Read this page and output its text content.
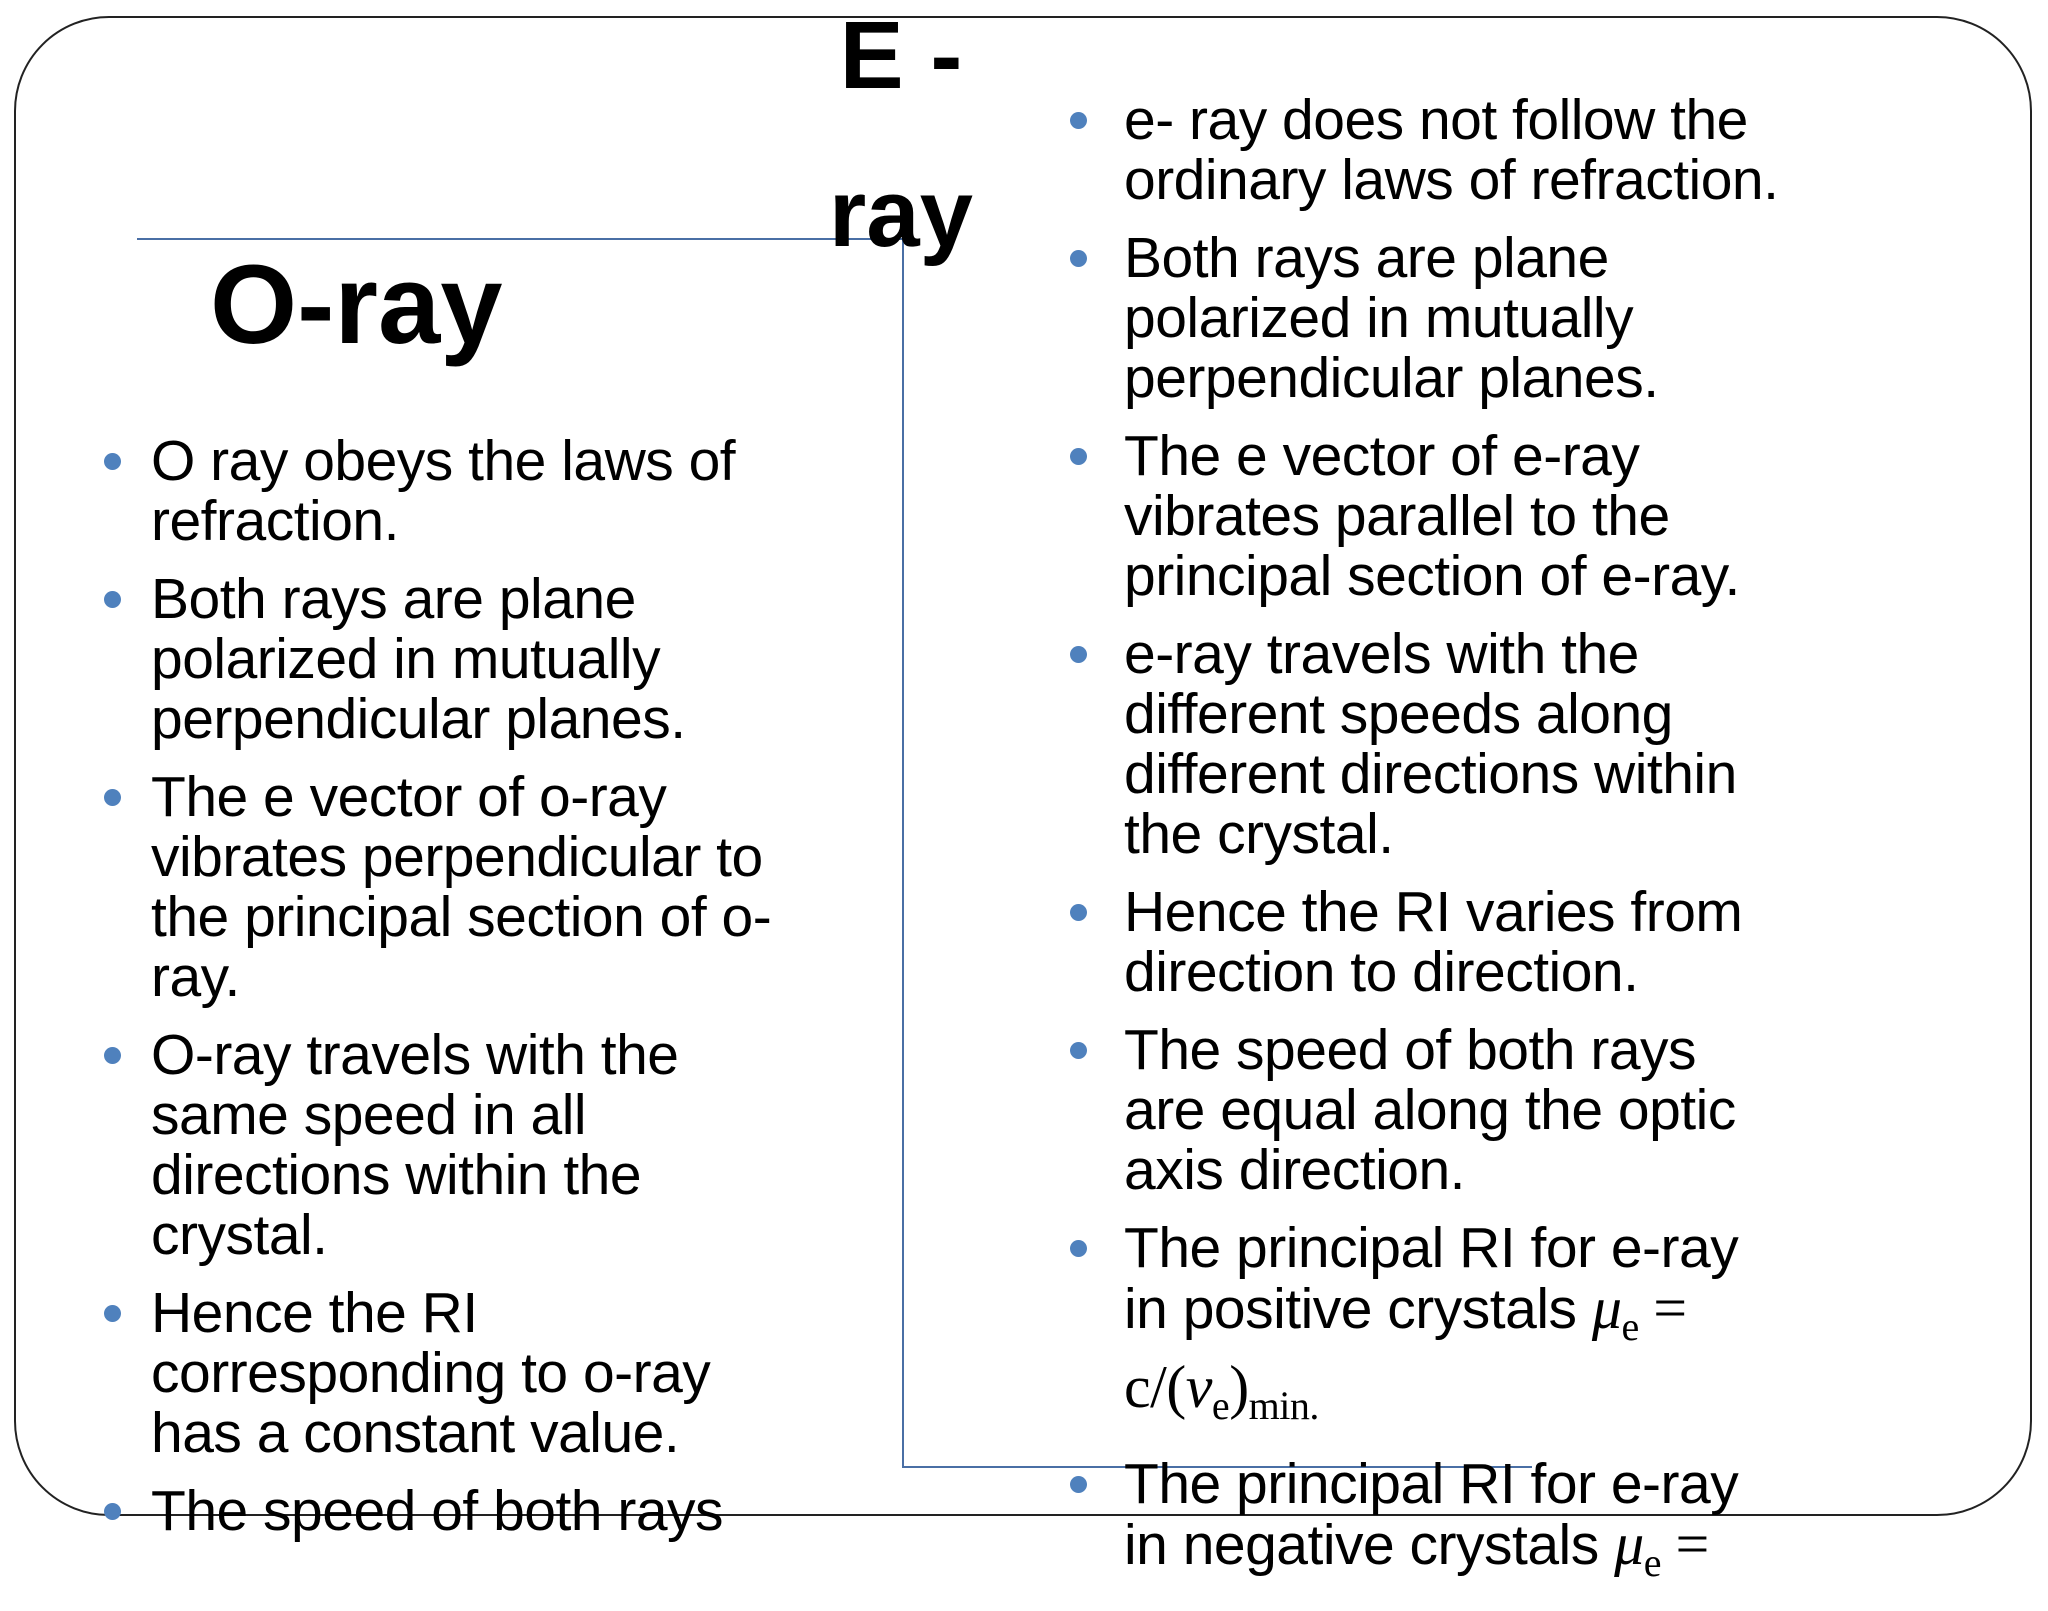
E -
ray
O-ray
O ray obeys the laws of
refraction.
Both rays are plane
polarized in mutually
perpendicular planes.
The e vector of o-ray
vibrates perpendicular to
the principal section of o-
ray.
O-ray travels with the
same speed in all
directions within the
crystal.
Hence the RI
corresponding to o-ray
has a constant value.
The speed of both rays
e- ray does not follow the
ordinary laws of refraction.
Both rays are plane
polarized in mutually
perpendicular planes.
The e vector of e-ray
vibrates parallel to the
principal section of e-ray.
e-ray travels with the
different speeds along
different directions within
the crystal.
Hence the RI varies from
direction to direction.
The speed of both rays
are equal along the optic
axis direction.
The principal RI for e-ray
in positive crystals $\mu_e$ =
$c/(\nu_e)_{min.}$
The principal RI for e-ray
in negative crystals $\mu_e$ =
